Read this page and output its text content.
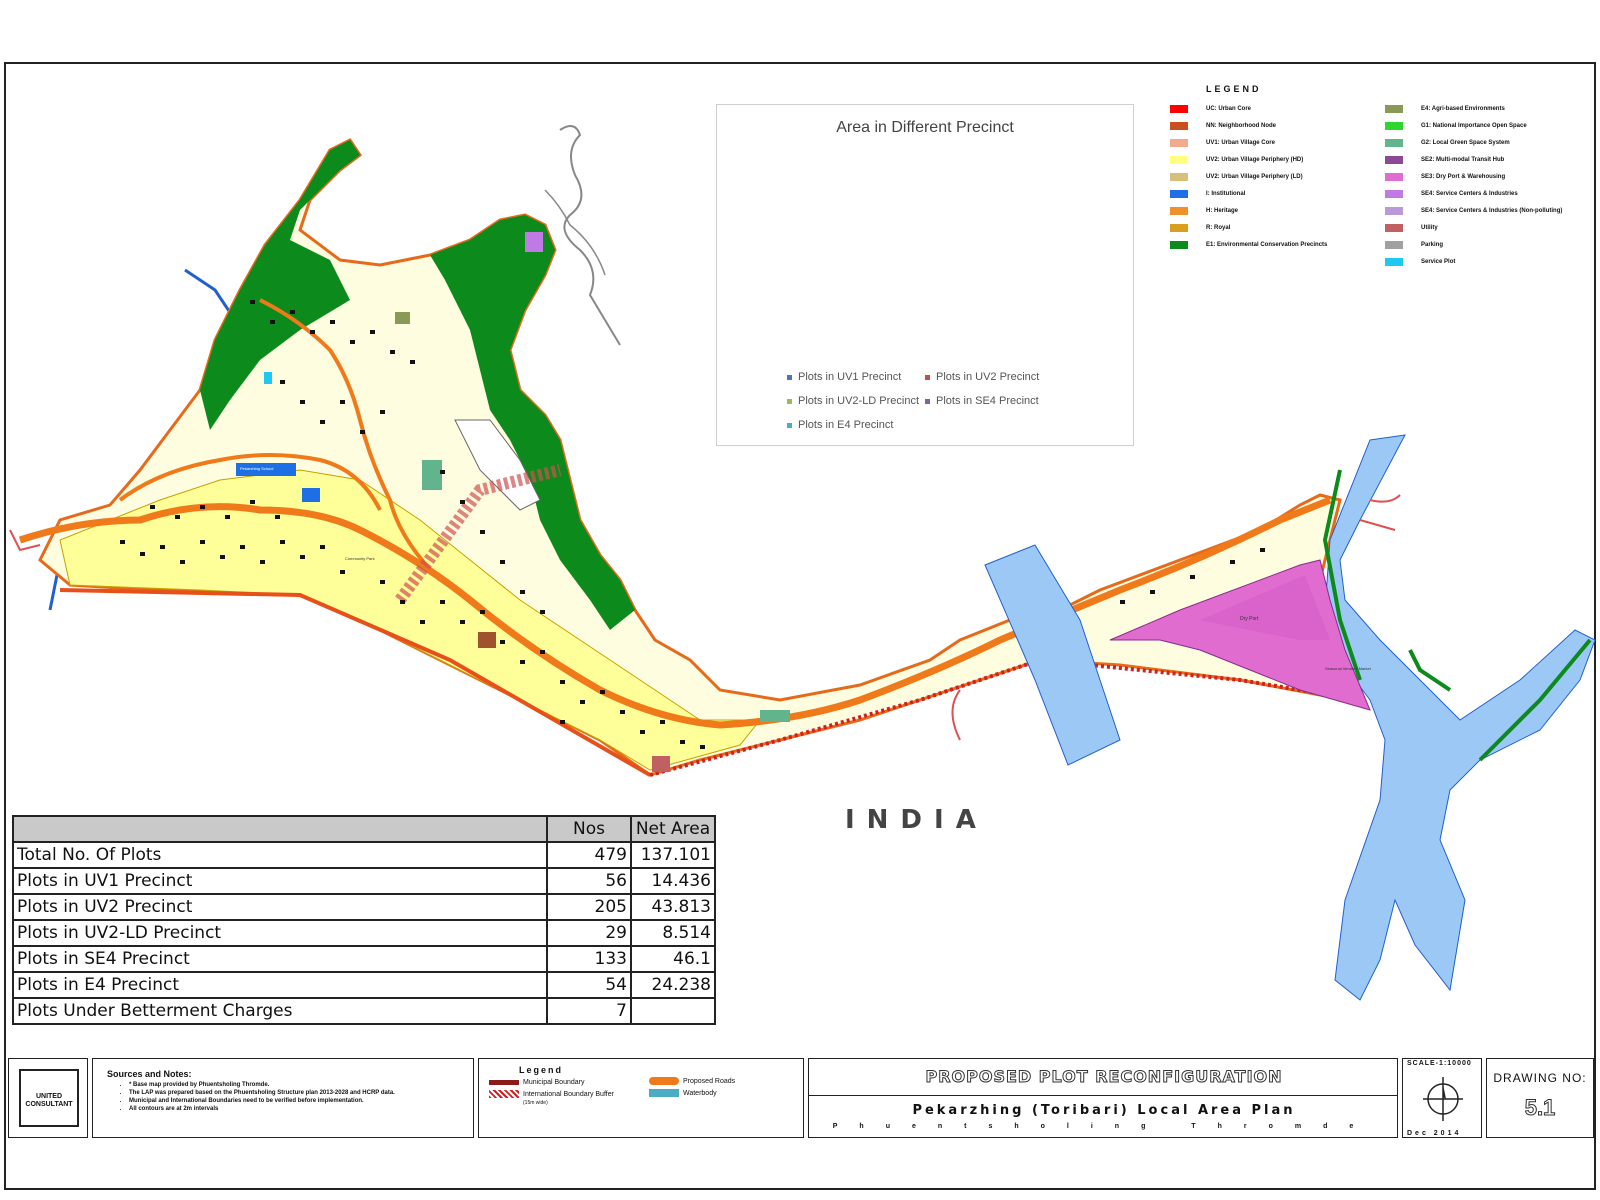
Pekarzhing School
Dry Port
Seasonal Vendors Market
Community Park
Area in Different Precinct
Plots in UV1 Precinct	Plots in UV2 PrecinctPlots in UV2-LD Precinct Plots in SE4 PrecinctPlots in E4 Precinct
LEGEND
UC: Urban Core
NN: Neighborhood Node
UV1: Urban Village Core
UV2: Urban Village Periphery (HD)
UV2: Urban Village Periphery (LD)
I: Institutional
H: Heritage
R: Royal
E1: Environmental Conservation Precincts
E4: Agri-based Environments
G1: National Importance Open Space
G2: Local Green Space System
SE2: Multi-modal Transit Hub
SE3: Dry Port & Warehousing
SE4: Service Centers & Industries
SE4: Service Centers & Industries (Non-polluting)
Utility
Parking
Service Plot
INDIA
	Nos	Net Area
Total No. Of Plots	479	137.101
Plots in UV1 Precinct	56	14.436
Plots in UV2 Precinct	205	43.813
Plots in UV2-LD Precinct	29	8.514
Plots in SE4 Precinct	133	46.1
Plots in E4 Precinct	54	24.238
Plots Under Betterment Charges	7	
UNITED CONSULTANT
Sources and Notes:
• * Base map provided by Phuentsholing Thromde.
• The LAP was prepared based on the Phuentsholing Structure plan 2013-2028 and HCRP data.
• Municipal and International Boundaries need to be verified before implementation.
• All contours are at 2m intervals
Legend
Municipal Boundary
International Boundary Buffer
(15m wide)
Proposed Roads
Waterbody
PROPOSED PLOT RECONFIGURATION
Pekarzhing (Toribari) Local Area Plan
Phuentsholing Thromde
SCALE-1:10000
Dec 2014
DRAWING NO:
5.1
